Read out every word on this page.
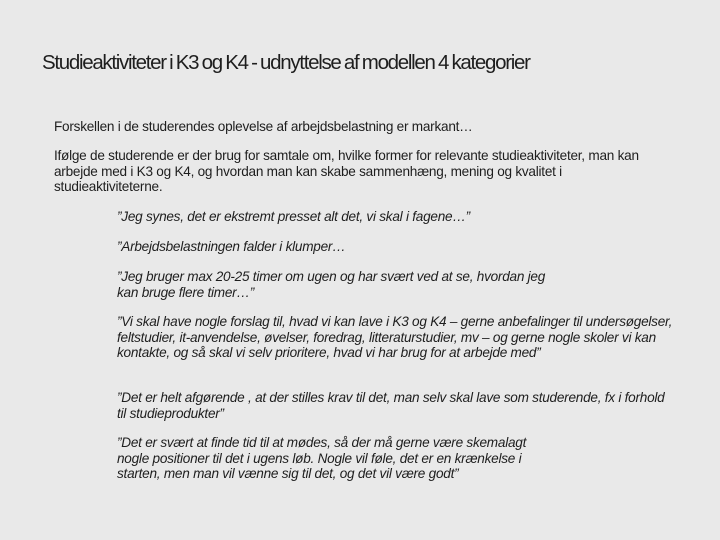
Studieaktiviteter i K3 og K4 - udnyttelse af modellen 4 kategorier

Forskellen i de studerendes oplevelse af arbejdsbelastning er markant…

Ifølge de studerende er der brug for samtale om, hvilke former for relevante studieaktiviteter, man kan arbejde med i K3 og K4, og hvordan man kan skabe sammenhæng, mening og kvalitet i studieaktiviteterne.

”Jeg synes, det er ekstremt presset alt det, vi skal i fagene…”

”Arbejdsbelastningen falder i klumper…

”Jeg bruger max 20-25 timer om ugen og har svært ved at se, hvordan jeg
kan bruge flere timer…”

”Vi skal have nogle forslag til, hvad vi kan lave i K3 og K4 – gerne anbefalinger til undersøgelser, feltstudier, it-anvendelse, øvelser, foredrag, litteraturstudier, mv – og gerne nogle skoler vi kan kontakte, og så skal vi selv prioritere, hvad vi har brug for at arbejde med”

”Det er helt afgørende , at der stilles krav til det, man selv skal lave som studerende, fx i forhold til studieprodukter”

”Det er svært at finde tid til at mødes, så der må gerne være skemalagt
nogle positioner til det i ugens løb. Nogle vil føle, det er en krænkelse i
starten, men man vil vænne sig til det, og det vil være godt”
